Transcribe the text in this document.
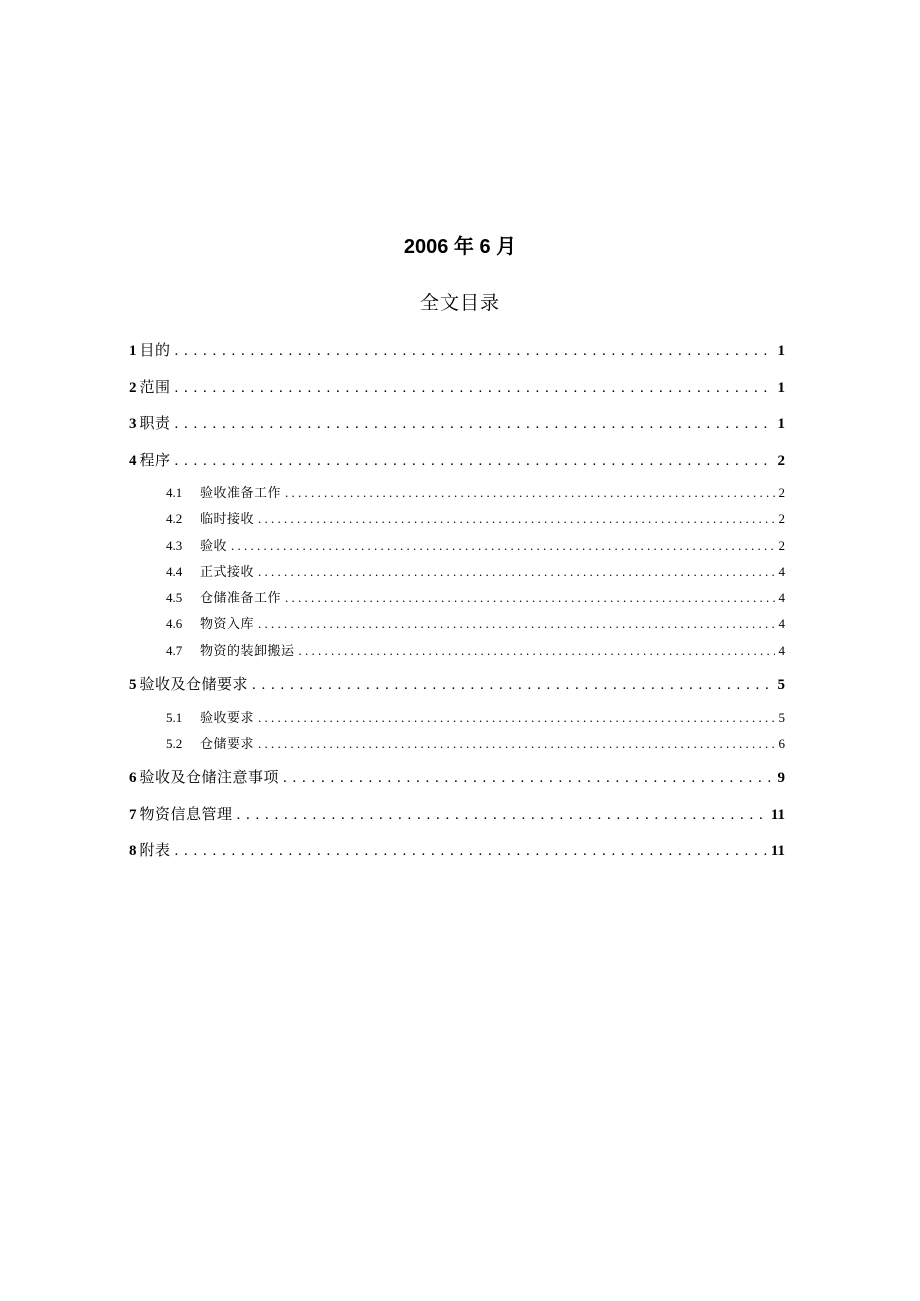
2006 年 6 月
全文目录
1 目的 . . .	1
2 范围 . . .	1
3 职责 . . .	1
4 程序 . . .	2
4.1	验收准备工作 . . .	2
4.2	临时接收 . . .	2
4.3	验收 . . .	2
4.4	正式接收 . . .	4
4.5	仓储准备工作 . . .	4
4.6	物资入库 . . .	4
4.7	物资的装卸搬运 . . .	4
5 验收及仓储要求 . . .	5
5.1	验收要求 . . .	5
5.2	仓储要求 . . .	6
6 验收及仓储注意事项 . . .	9
7 物资信息管理 . . .	11
8 附表 . . .	11
